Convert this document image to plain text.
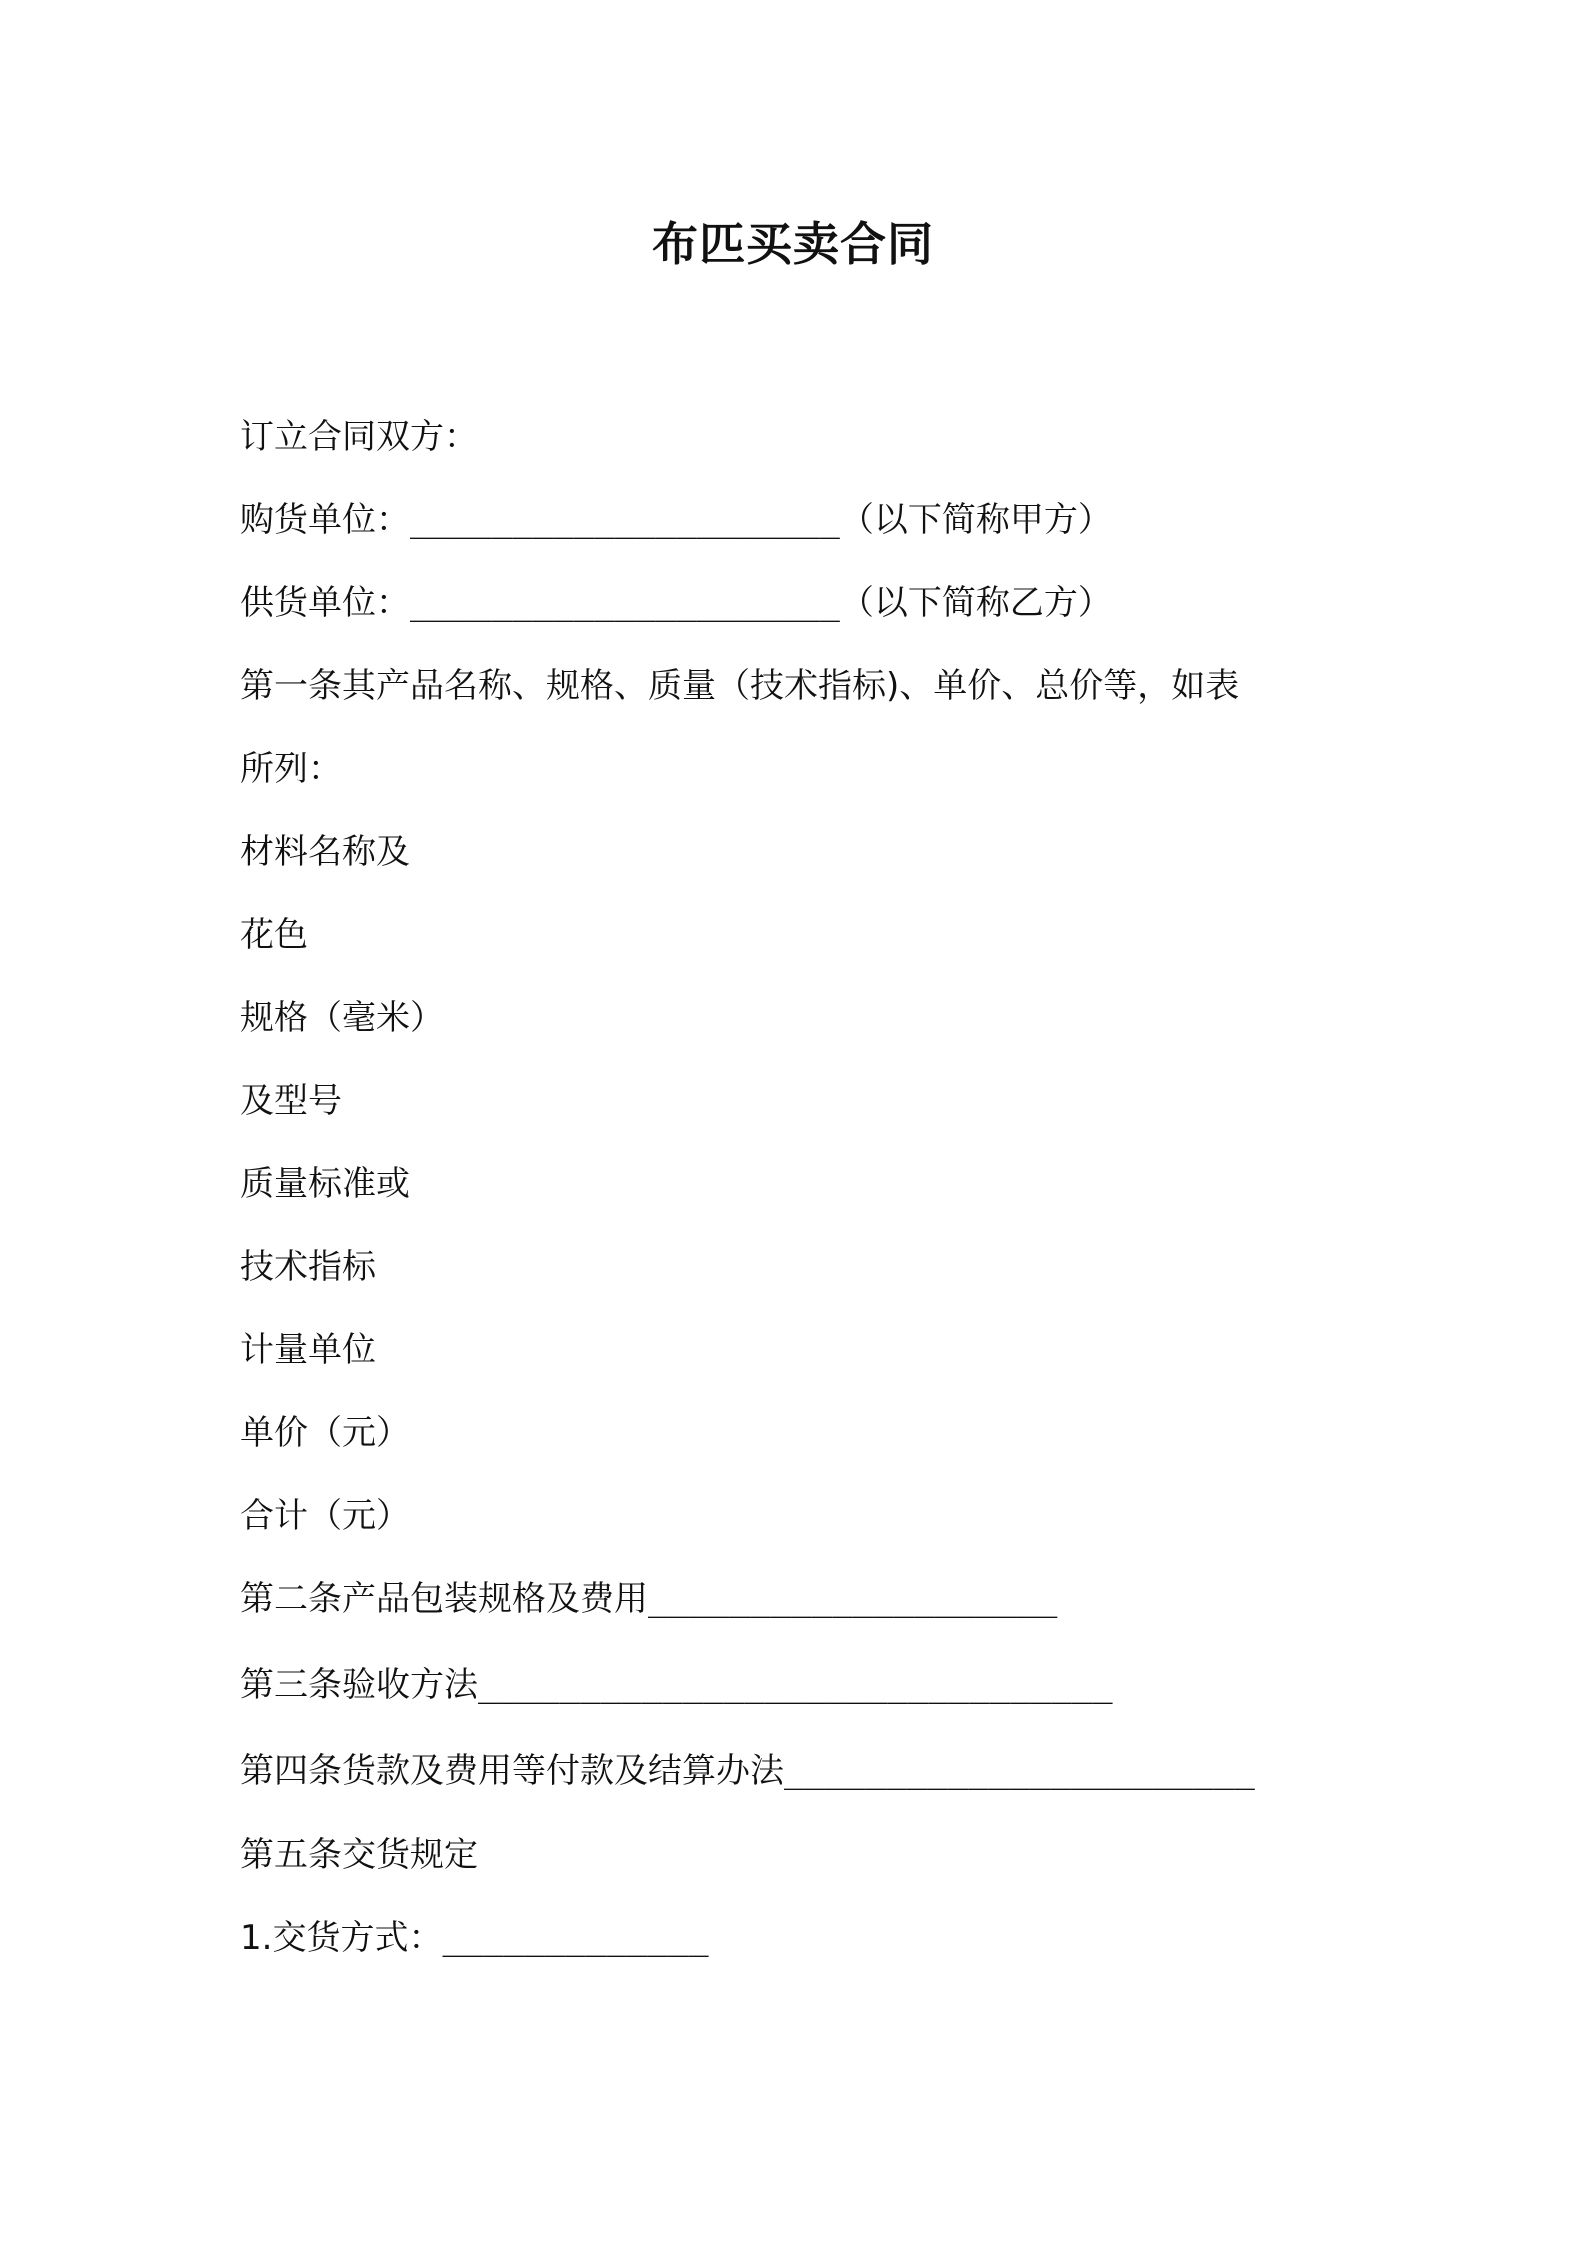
布匹买卖合同
订立合同双方：
购货单位：_____________________（以下简称甲方）
供货单位：_____________________（以下简称乙方）
第一条其产品名称、规格、质量（技术指标)、单价、总价等，如表
所列：
材料名称及
花色
规格（毫米）
及型号
质量标准或
技术指标
计量单位
单价（元）
合计（元）
第二条产品包装规格及费用____________________
第三条验收方法_______________________________
第四条货款及费用等付款及结算办法_______________________
第五条交货规定
1.交货方式：_____________
